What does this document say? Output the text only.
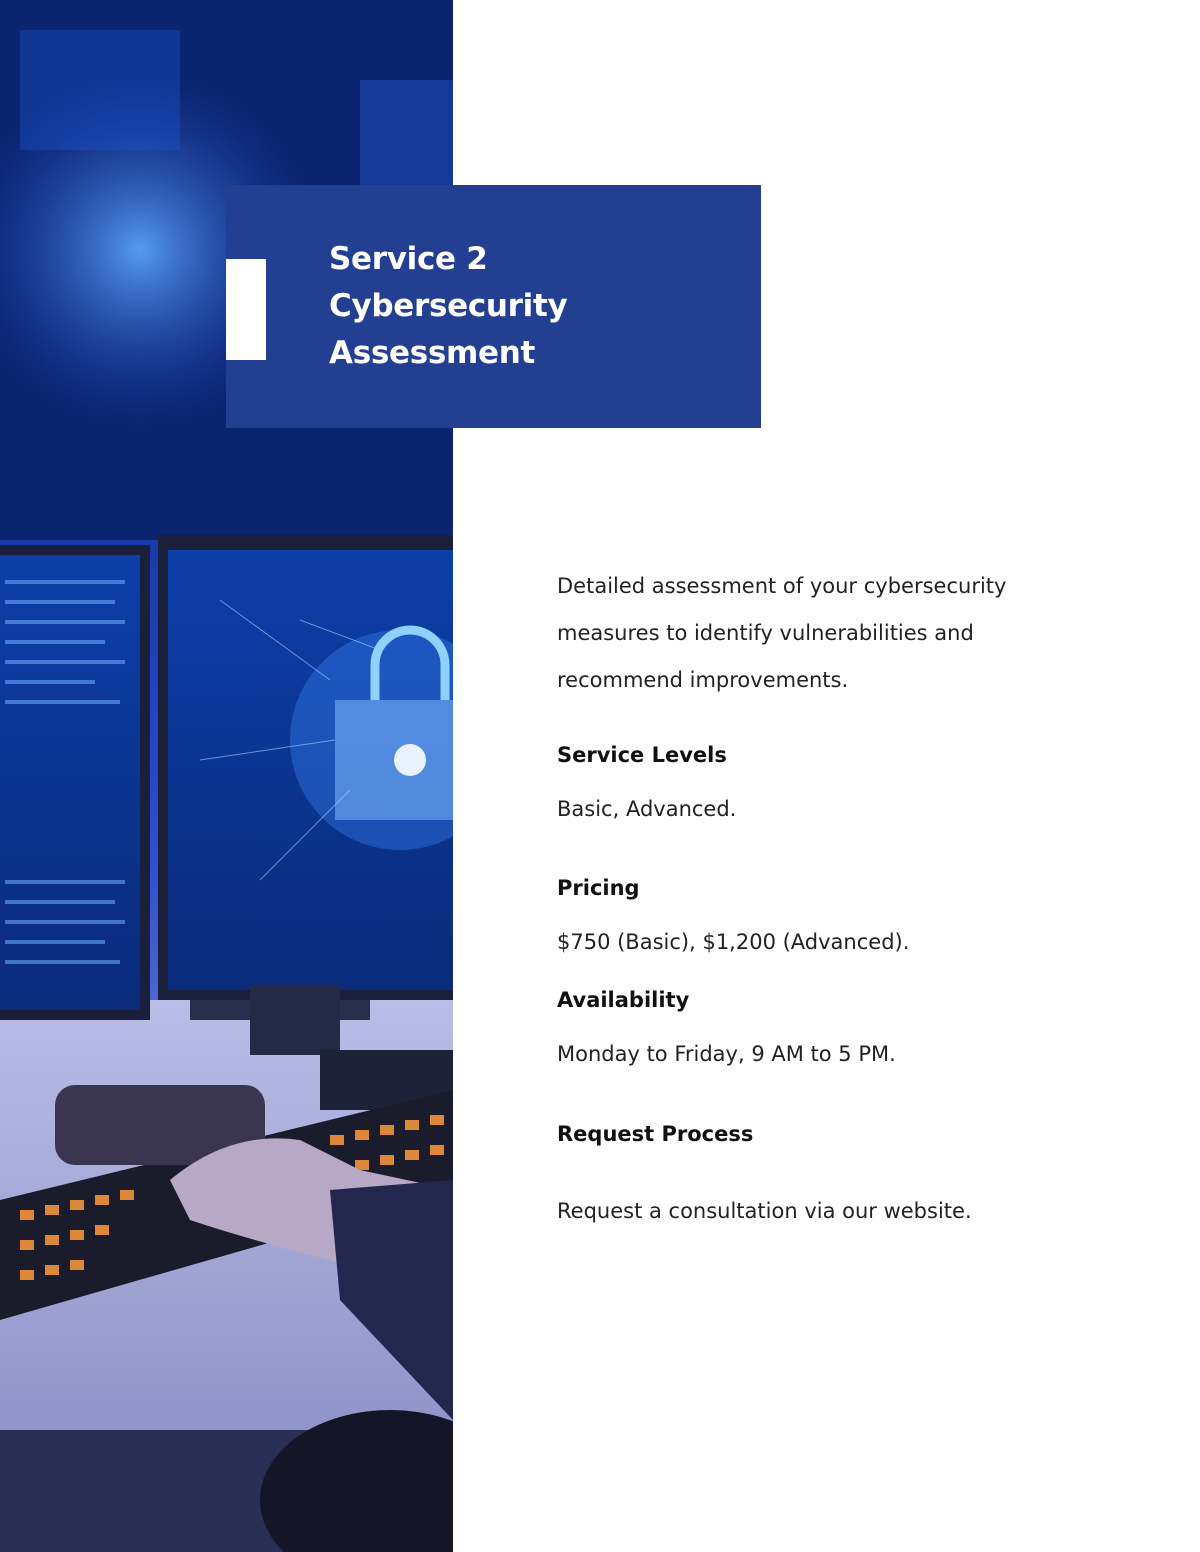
Service 2
Cybersecurity
Assessment
Detailed assessment of your cybersecurity measures to identify vulnerabilities and recommend improvements.
Service Levels
Basic, Advanced.
Pricing
$750 (Basic), $1,200 (Advanced).
Availability
Monday to Friday, 9 AM to 5 PM.
Request Process
Request a consultation via our website.
